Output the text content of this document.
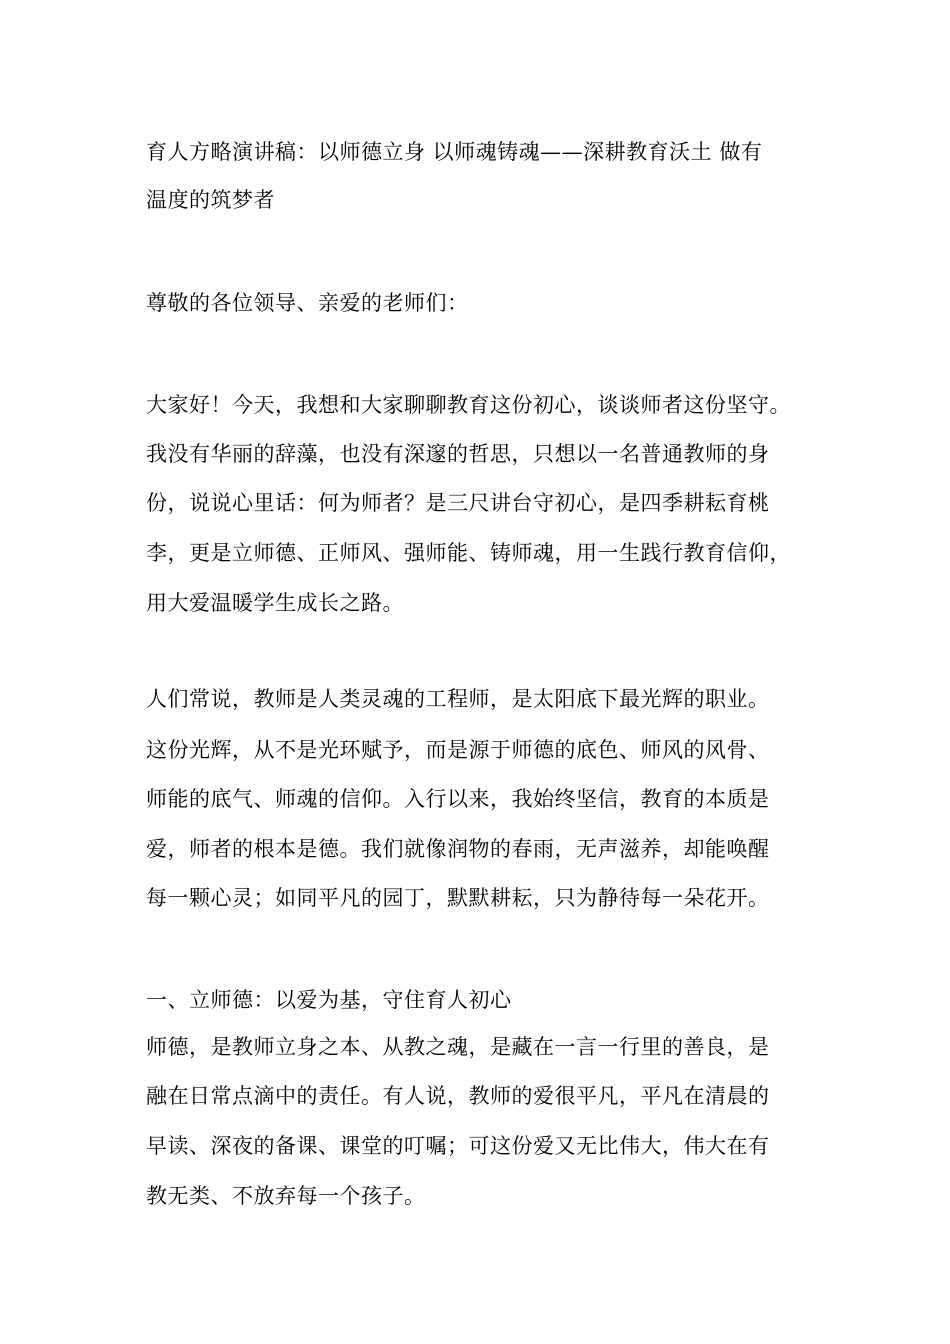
育人方略演讲稿：以师德立身 以师魂铸魂——深耕教育沃土 做有
温度的筑梦者
尊敬的各位领导、亲爱的老师们：
大家好！今天，我想和大家聊聊教育这份初心，谈谈师者这份坚守。
我没有华丽的辞藻，也没有深邃的哲思，只想以一名普通教师的身
份，说说心里话：何为师者？是三尺讲台守初心，是四季耕耘育桃
李，更是立师德、正师风、强师能、铸师魂，用一生践行教育信仰，
用大爱温暖学生成长之路。
人们常说，教师是人类灵魂的工程师，是太阳底下最光辉的职业。
这份光辉，从不是光环赋予，而是源于师德的底色、师风的风骨、
师能的底气、师魂的信仰。入行以来，我始终坚信，教育的本质是
爱，师者的根本是德。我们就像润物的春雨，无声滋养，却能唤醒
每一颗心灵；如同平凡的园丁，默默耕耘，只为静待每一朵花开。
一、立师德：以爱为基，守住育人初心
师德，是教师立身之本、从教之魂，是藏在一言一行里的善良，是
融在日常点滴中的责任。有人说，教师的爱很平凡，平凡在清晨的
早读、深夜的备课、课堂的叮嘱；可这份爱又无比伟大，伟大在有
教无类、不放弃每一个孩子。
